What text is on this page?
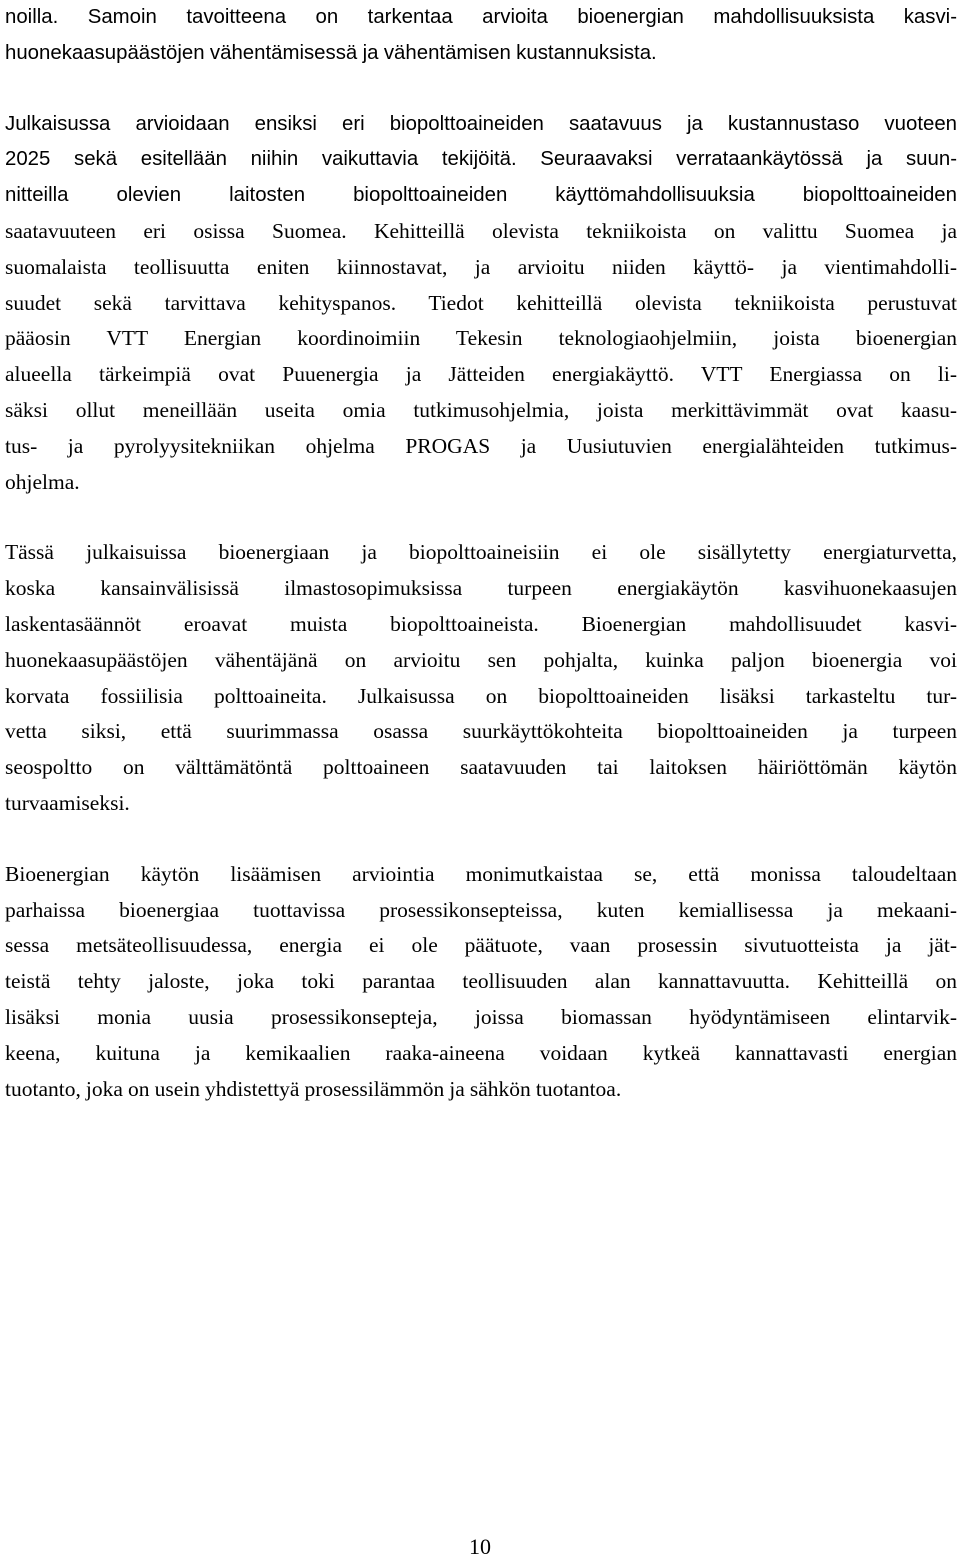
noilla. Samoin tavoitteena on tarkentaa arvioita bioenergian mahdollisuuksista kasvi-
huonekaasupäästöjen vähentämisessä ja vähentämisen kustannuksista.

Julkaisussa arvioidaan ensiksi eri biopolttoaineiden saatavuus ja kustannustaso vuoteen
2025 sekä esitellään niihin vaikuttavia tekijöitä. Seuraavaksi verrataankäytössä ja suun-
nitteilla olevien laitosten biopolttoaineiden käyttömahdollisuuksia biopolttoaineiden
saatavuuteen eri osissa Suomea. Kehitteillä olevista tekniikoista on valittu Suomea ja
suomalaista teollisuutta eniten kiinnostavat, ja arvioitu niiden käyttö- ja vientimahdolli-
suudet sekä tarvittava kehityspanos. Tiedot kehitteillä olevista tekniikoista perustuvat
pääosin VTT Energian koordinoimiin Tekesin teknologiaohjelmiin, joista bioenergian
alueella tärkeimpiä ovat Puuenergia ja Jätteiden energiakäyttö. VTT Energiassa on li-
säksi ollut meneillään useita omia tutkimusohjelmia, joista merkittävimmät ovat kaasu-
tus- ja pyrolyysitekniikan ohjelma PROGAS ja Uusiutuvien energialähteiden tutkimus-
ohjelma.

Tässä julkaisuissa bioenergiaan ja biopolttoaineisiin ei ole sisällytetty energiaturvetta,
koska kansainvälisissä ilmastosopimuksissa turpeen energiakäytön kasvihuonekaasujen
laskentasäännöt eroavat muista biopolttoaineista. Bioenergian mahdollisuudet kasvi-
huonekaasupäästöjen vähentäjänä on arvioitu sen pohjalta, kuinka paljon bioenergia voi
korvata fossiilisia polttoaineita. Julkaisussa on biopolttoaineiden lisäksi tarkasteltu tur-
vetta siksi, että suurimmassa osassa suurkäyttökohteita biopolttoaineiden ja turpeen
seospoltto on välttämätöntä polttoaineen saatavuuden tai laitoksen häiriöttömän käytön
turvaamiseksi.

Bioenergian käytön lisäämisen arviointia monimutkaistaa se, että monissa taloudeltaan
parhaissa bioenergiaa tuottavissa prosessikonsepteissa, kuten kemiallisessa ja mekaani-
sessa metsäteollisuudessa, energia ei ole päätuote, vaan prosessin sivutuotteista ja jät-
teistä tehty jaloste, joka toki parantaa teollisuuden alan kannattavuutta. Kehitteillä on
lisäksi monia uusia prosessikonsepteja, joissa biomassan hyödyntämiseen elintarvik-
keena, kuituna ja kemikaalien raaka-aineena voidaan kytkeä kannattavasti energian
tuotanto, joka on usein yhdistettyä prosessilämmön ja sähkön tuotantoa.

10
